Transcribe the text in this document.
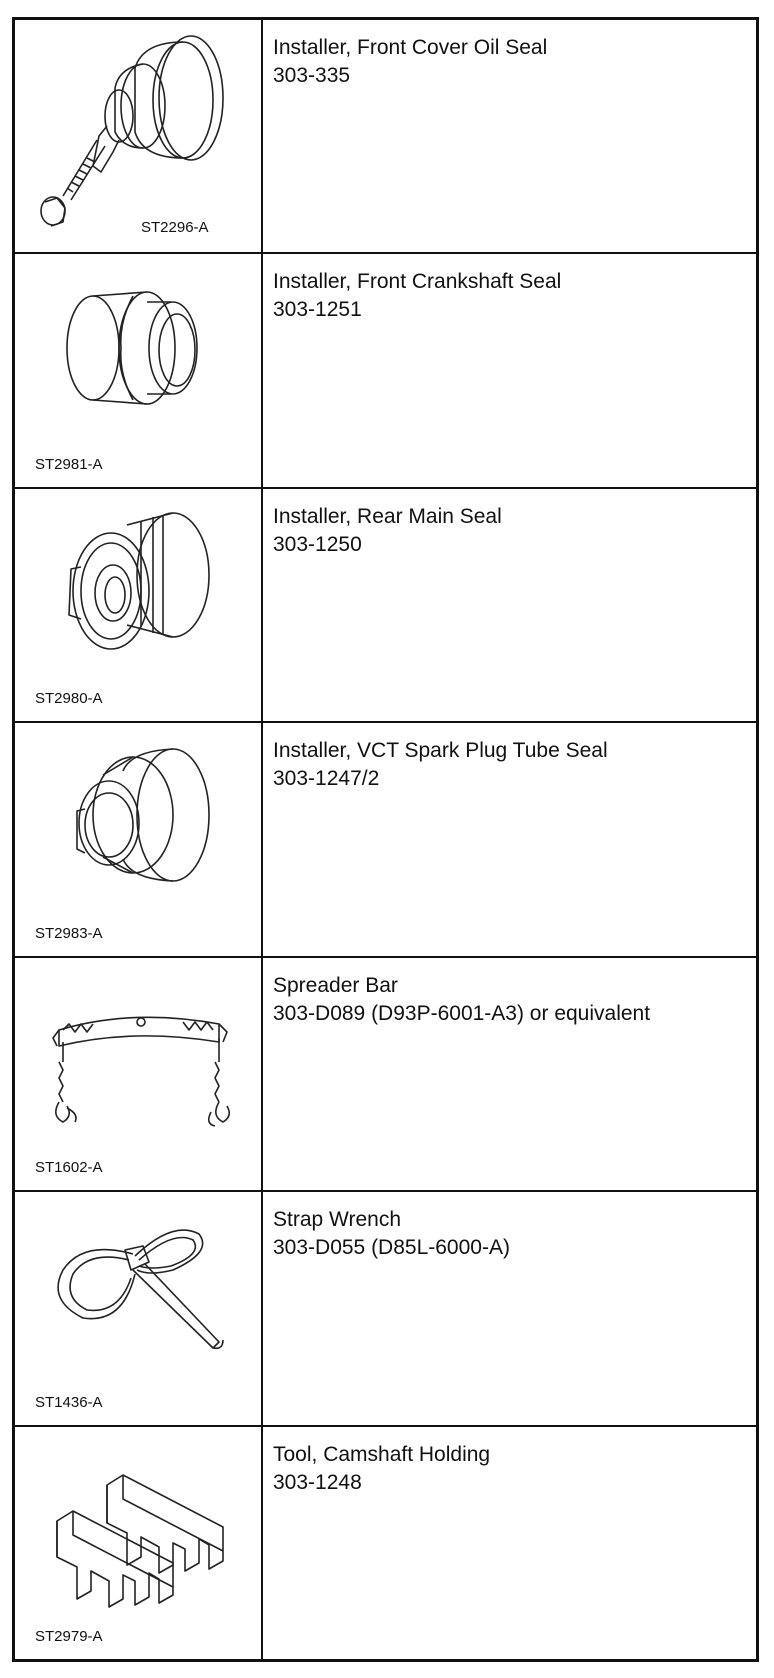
ST2296-A
Installer, Front Cover Oil Seal
303-335
ST2981-A
Installer, Front Crankshaft Seal
303-1251
ST2980-A
Installer, Rear Main Seal
303-1250
ST2983-A
Installer, VCT Spark Plug Tube Seal
303-1247/2
ST1602-A
Spreader Bar
303-D089 (D93P-6001-A3) or equivalent
ST1436-A
Strap Wrench
303-D055 (D85L-6000-A)
ST2979-A
Tool, Camshaft Holding
303-1248
